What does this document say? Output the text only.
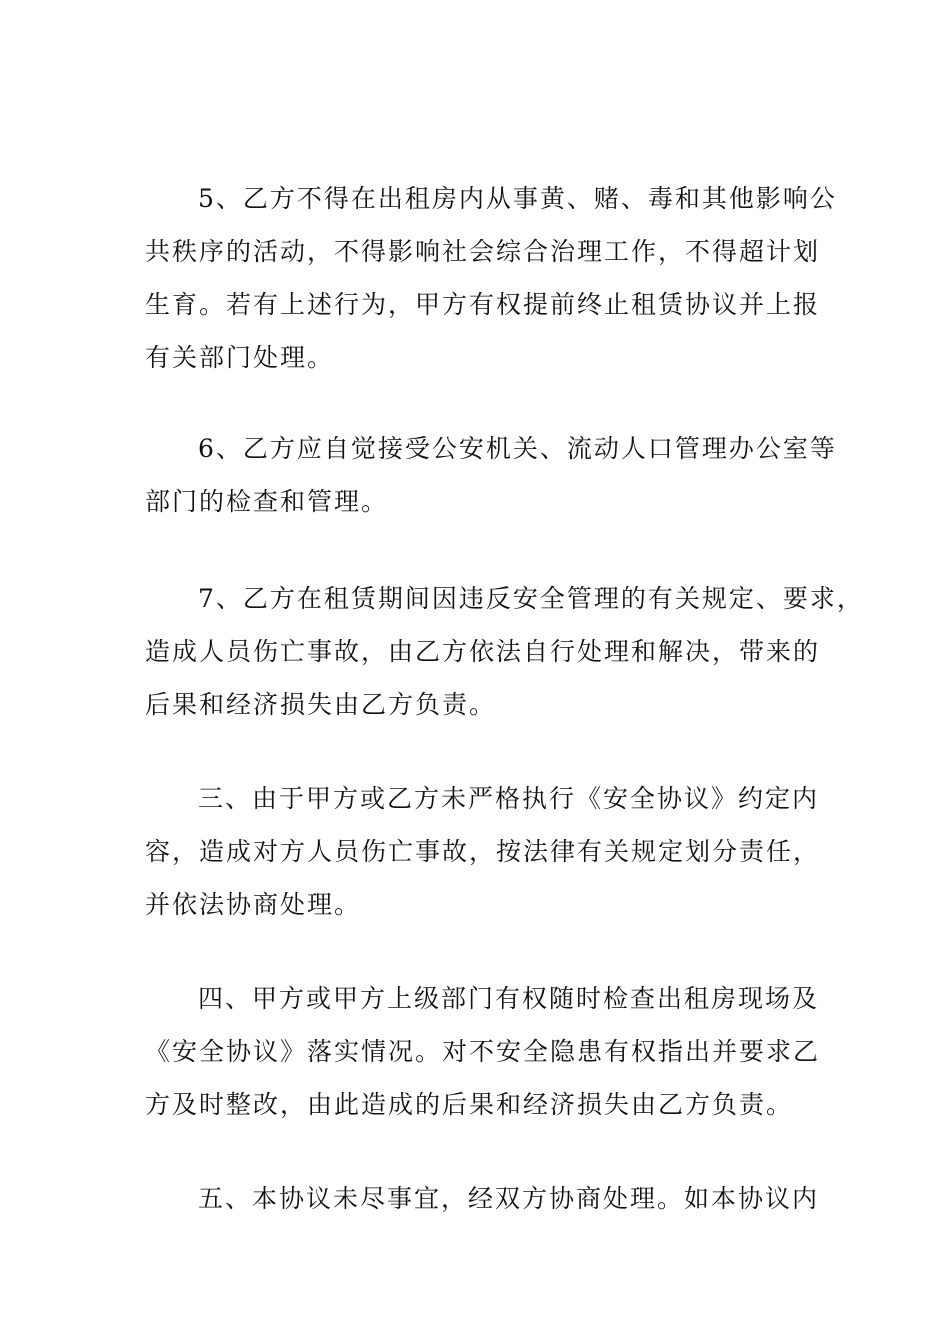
5、乙方不得在出租房内从事黄、赌、毒和其他影响公
共秩序的活动，不得影响社会综合治理工作，不得超计划
生育。若有上述行为，甲方有权提前终止租赁协议并上报
有关部门处理。
6、乙方应自觉接受公安机关、流动人口管理办公室等
部门的检查和管理。
7、乙方在租赁期间因违反安全管理的有关规定、要求，
造成人员伤亡事故，由乙方依法自行处理和解决，带来的
后果和经济损失由乙方负责。
三、由于甲方或乙方未严格执行《安全协议》约定内
容，造成对方人员伤亡事故，按法律有关规定划分责任，
并依法协商处理。
四、甲方或甲方上级部门有权随时检查出租房现场及
《安全协议》落实情况。对不安全隐患有权指出并要求乙
方及时整改，由此造成的后果和经济损失由乙方负责。
五、本协议未尽事宜，经双方协商处理。如本协议内
